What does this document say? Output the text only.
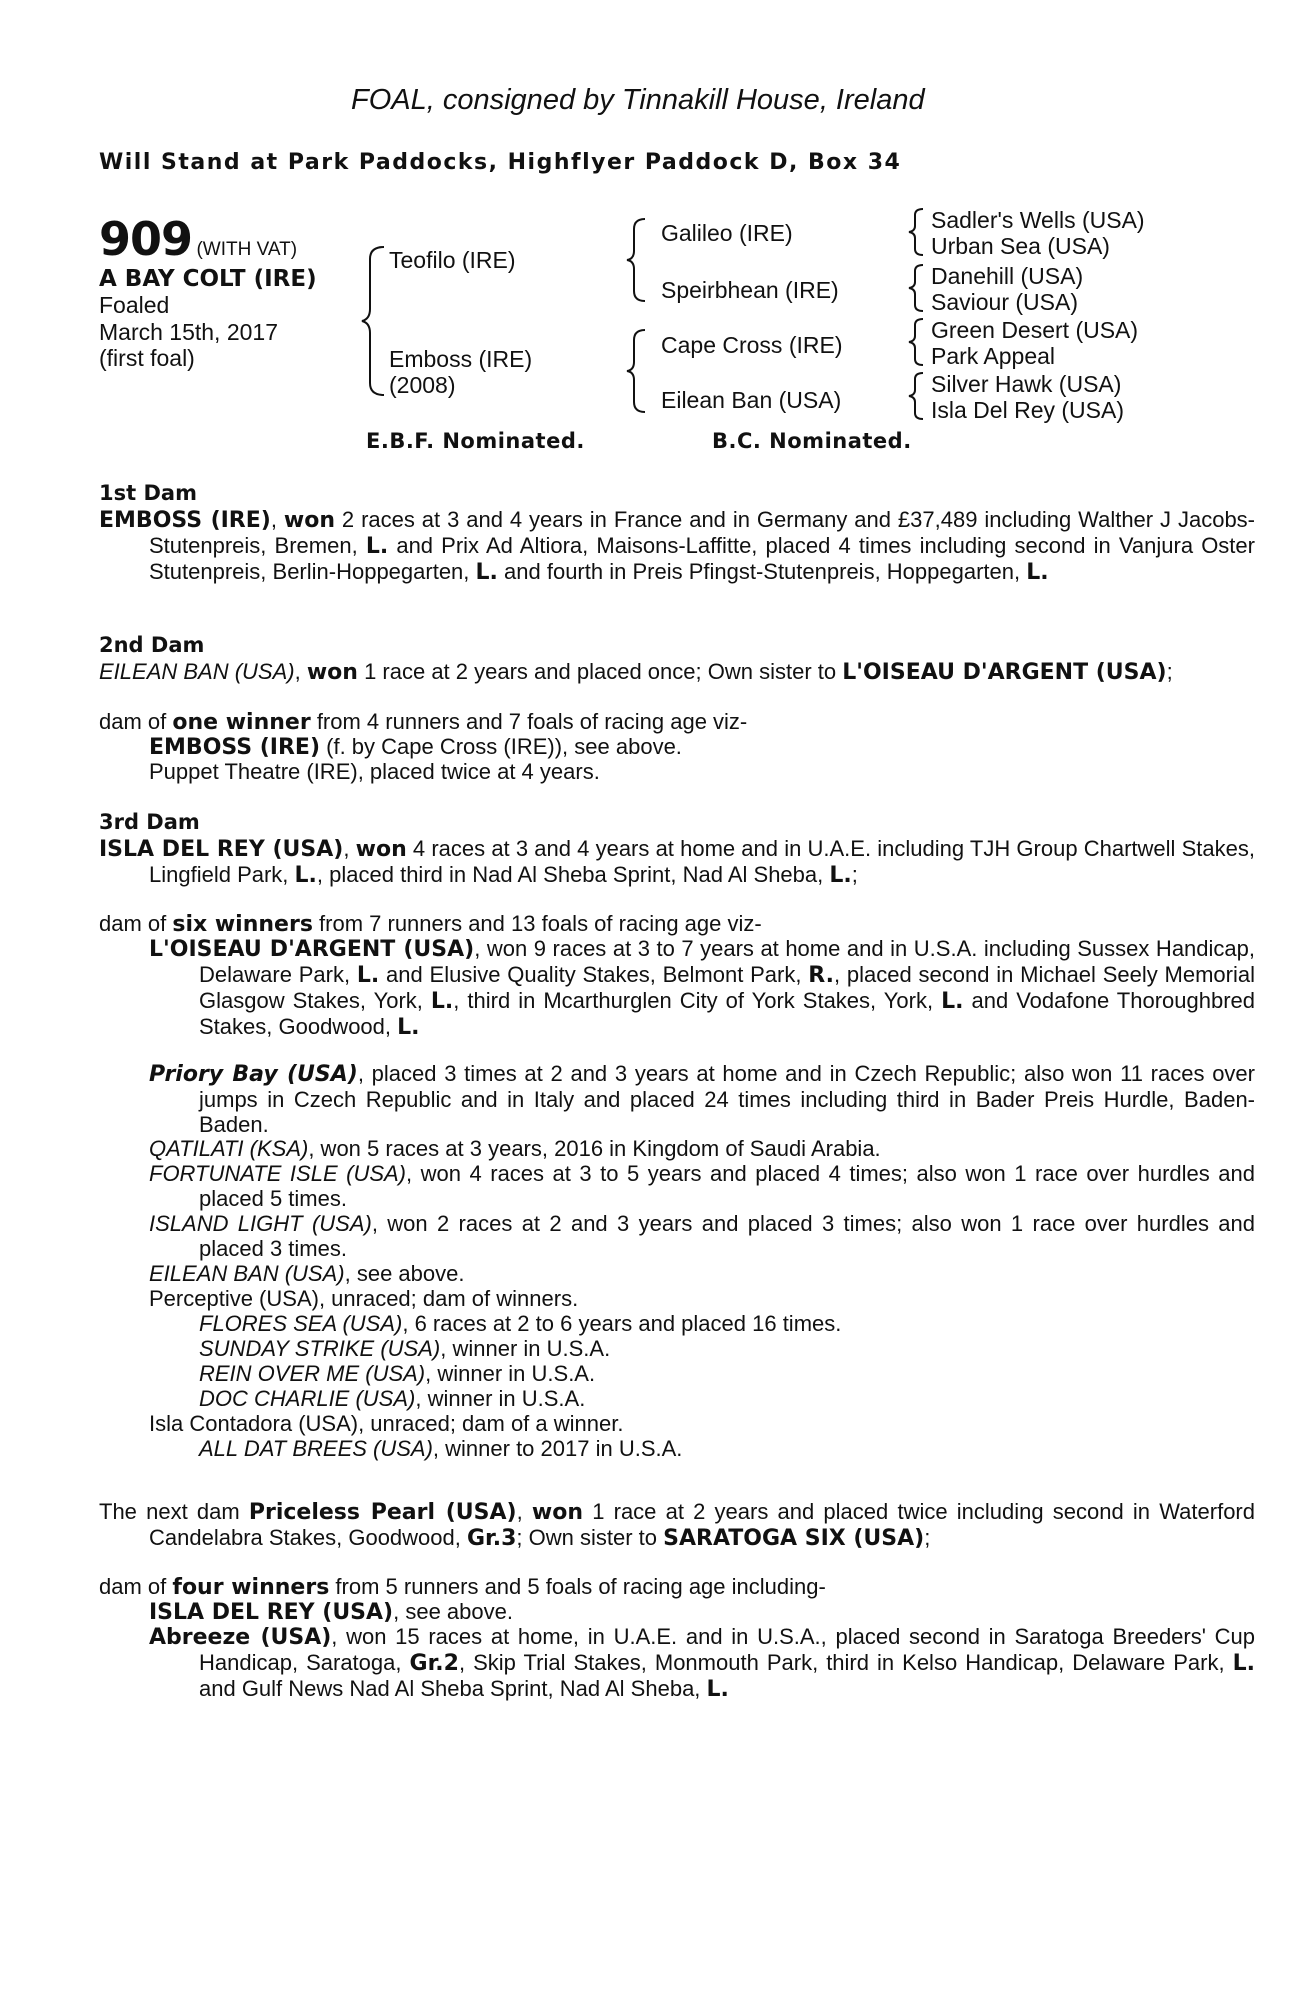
FOAL, consigned by Tinnakill House, Ireland
Will Stand at Park Paddocks, Highflyer Paddock D, Box 34
909 (WITH VAT)
A BAY COLT (IRE)
Foaled
March 15th, 2017
(first foal)
Teofilo (IRE)
Emboss (IRE)
(2008)
Galileo (IRE)
Speirbhean (IRE)
Cape Cross (IRE)
Eilean Ban (USA)
Sadler's Wells (USA)
Urban Sea (USA)
Danehill (USA)
Saviour (USA)
Green Desert (USA)
Park Appeal
Silver Hawk (USA)
Isla Del Rey (USA)
E.B.F. Nominated.	B.C. Nominated.
1st Dam
EMBOSS (IRE), won 2 races at 3 and 4 years in France and in Germany and £37,489 including Walther J Jacobs-Stutenpreis, Bremen, L. and Prix Ad Altiora, Maisons-Laffitte, placed 4 times including second in Vanjura Oster Stutenpreis, Berlin-Hoppegarten, L. and fourth in Preis Pfingst-Stutenpreis, Hoppegarten, L.
2nd Dam
EILEAN BAN (USA), won 1 race at 2 years and placed once; Own sister to L'OISEAU D'ARGENT (USA);
dam of one winner from 4 runners and 7 foals of racing age viz-
EMBOSS (IRE) (f. by Cape Cross (IRE)), see above.
Puppet Theatre (IRE), placed twice at 4 years.
3rd Dam
ISLA DEL REY (USA), won 4 races at 3 and 4 years at home and in U.A.E. including TJH Group Chartwell Stakes, Lingfield Park, L., placed third in Nad Al Sheba Sprint, Nad Al Sheba, L.;
dam of six winners from 7 runners and 13 foals of racing age viz-
L'OISEAU D'ARGENT (USA), won 9 races at 3 to 7 years at home and in U.S.A. including Sussex Handicap, Delaware Park, L. and Elusive Quality Stakes, Belmont Park, R., placed second in Michael Seely Memorial Glasgow Stakes, York, L., third in Mcarthurglen City of York Stakes, York, L. and Vodafone Thoroughbred Stakes, Goodwood, L.
Priory Bay (USA), placed 3 times at 2 and 3 years at home and in Czech Republic; also won 11 races over jumps in Czech Republic and in Italy and placed 24 times including third in Bader Preis Hurdle, Baden-Baden.
QATILATI (KSA), won 5 races at 3 years, 2016 in Kingdom of Saudi Arabia.
FORTUNATE ISLE (USA), won 4 races at 3 to 5 years and placed 4 times; also won 1 race over hurdles and placed 5 times.
ISLAND LIGHT (USA), won 2 races at 2 and 3 years and placed 3 times; also won 1 race over hurdles and placed 3 times.
EILEAN BAN (USA), see above.
Perceptive (USA), unraced; dam of winners.
FLORES SEA (USA), 6 races at 2 to 6 years and placed 16 times.
SUNDAY STRIKE (USA), winner in U.S.A.
REIN OVER ME (USA), winner in U.S.A.
DOC CHARLIE (USA), winner in U.S.A.
Isla Contadora (USA), unraced; dam of a winner.
ALL DAT BREES (USA), winner to 2017 in U.S.A.
The next dam Priceless Pearl (USA), won 1 race at 2 years and placed twice including second in Waterford Candelabra Stakes, Goodwood, Gr.3; Own sister to SARATOGA SIX (USA);
dam of four winners from 5 runners and 5 foals of racing age including-
ISLA DEL REY (USA), see above.
Abreeze (USA), won 15 races at home, in U.A.E. and in U.S.A., placed second in Saratoga Breeders' Cup Handicap, Saratoga, Gr.2, Skip Trial Stakes, Monmouth Park, third in Kelso Handicap, Delaware Park, L. and Gulf News Nad Al Sheba Sprint, Nad Al Sheba, L.
